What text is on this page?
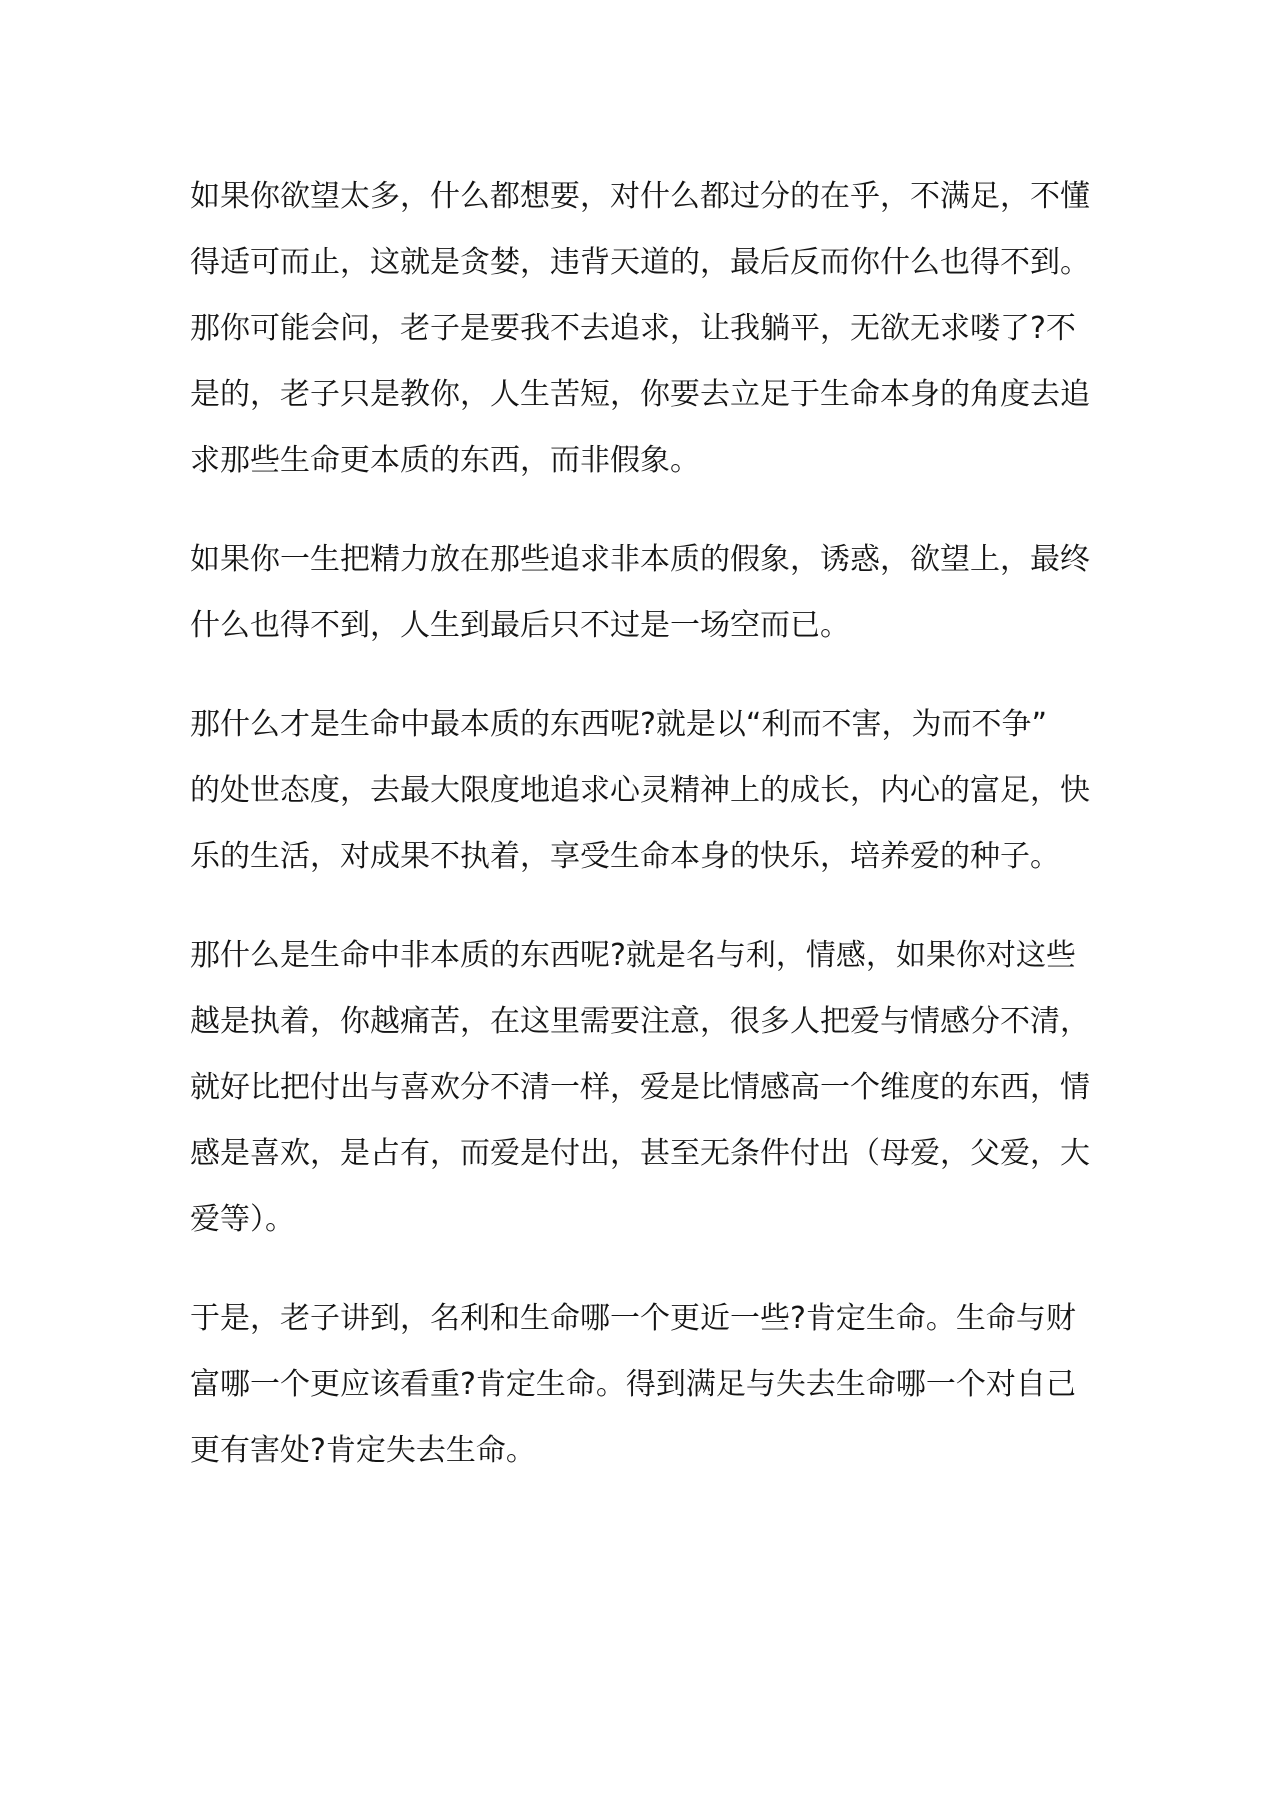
如果你欲望太多，什么都想要，对什么都过分的在乎，不满足，不懂
得适可而止，这就是贪婪，违背天道的，最后反而你什么也得不到。
那你可能会问，老子是要我不去追求，让我躺平，无欲无求喽了?不
是的，老子只是教你，人生苦短，你要去立足于生命本身的角度去追
求那些生命更本质的东西，而非假象。
如果你一生把精力放在那些追求非本质的假象，诱惑，欲望上，最终
什么也得不到，人生到最后只不过是一场空而已。
那什么才是生命中最本质的东西呢?就是以“利而不害，为而不争”
的处世态度，去最大限度地追求心灵精神上的成长，内心的富足，快
乐的生活，对成果不执着，享受生命本身的快乐，培养爱的种子。
那什么是生命中非本质的东西呢?就是名与利，情感，如果你对这些
越是执着，你越痛苦，在这里需要注意，很多人把爱与情感分不清，
就好比把付出与喜欢分不清一样，爱是比情感高一个维度的东西，情
感是喜欢，是占有，而爱是付出，甚至无条件付出（母爱，父爱，大
爱等）。
于是，老子讲到，名利和生命哪一个更近一些?肯定生命。生命与财
富哪一个更应该看重?肯定生命。得到满足与失去生命哪一个对自己
更有害处?肯定失去生命。
